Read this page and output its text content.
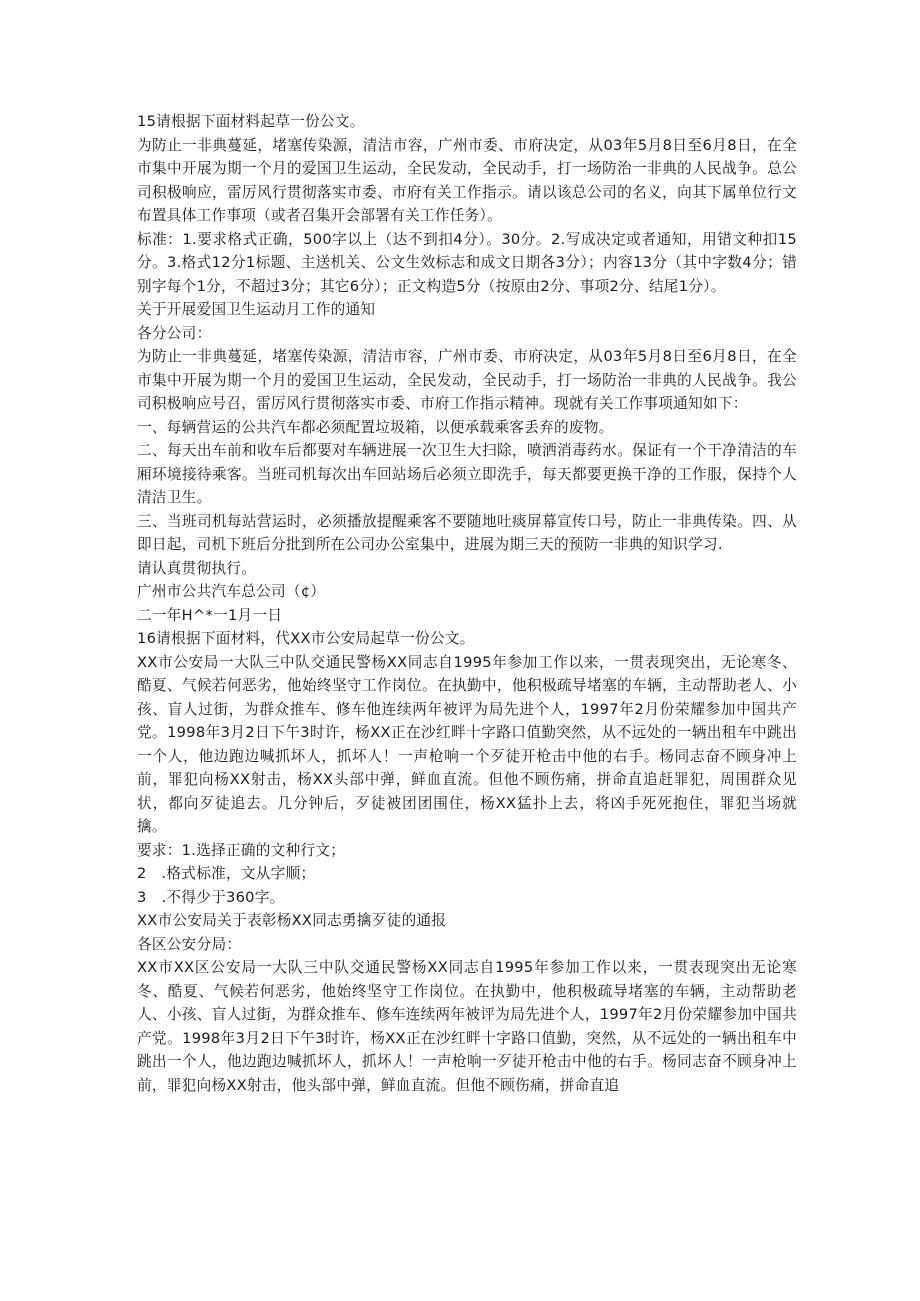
15请根据下面材料起草一份公文。

为防止一非典蔓延，堵塞传染源，清洁市容，广州市委、市府决定，从03年5月8日至6月8日，在全市集中开展为期一个月的爱国卫生运动，全民发动，全民动手，打一场防治一非典的人民战争。总公司积极响应，雷厉风行贯彻落实市委、市府有关工作指示。请以该总公司的名义，向其下属单位行文布置具体工作事项（或者召集开会部署有关工作任务）。

标准：1.要求格式正确，500字以上（达不到扣4分）。30分。2.写成决定或者通知，用错文种扣15分。3.格式12分1标题、主送机关、公文生效标志和成文日期各3分）；内容13分（其中字数4分；错别字每个1分，不超过3分；其它6分）；正文构造5分（按原由2分、事项2分、结尾1分）。

关于开展爱国卫生运动月工作的通知

各分公司：

为防止一非典蔓延，堵塞传染源，清洁市容，广州市委、市府决定，从03年5月8日至6月8日，在全市集中开展为期一个月的爱国卫生运动，全民发动，全民动手，打一场防治一非典的人民战争。我公司积极响应号召，雷厉风行贯彻落实市委、市府工作指示精神。现就有关工作事项通知如下：

一、每辆营运的公共汽车都必须配置垃圾箱，以便承载乘客丢弃的废物。

二、每天出车前和收车后都要对车辆进展一次卫生大扫除，喷洒消毒药水。保证有一个干净清洁的车厢环境接待乘客。当班司机每次出车回站场后必须立即洗手，每天都要更换干净的工作服，保持个人清洁卫生。

三、当班司机每站营运时，必须播放提醒乘客不要随地吐痰屏幕宣传口号，防止一非典传染。四、从即日起，司机下班后分批到所在公司办公室集中，进展为期三天的预防一非典的知识学习.

请认真贯彻执行。

广州市公共汽车总公司（¢）

二一年H^*一1月一日

16请根据下面材料，代XX市公安局起草一份公文。

XX市公安局一大队三中队交通民警杨XX同志自1995年参加工作以来，一贯表现突出，无论寒冬、酷夏、气候若何恶劣，他始终坚守工作岗位。在执勤中，他积极疏导堵塞的车辆，主动帮助老人、小孩、盲人过街，为群众推车、修车他连续两年被评为局先进个人，1997年2月份荣耀参加中国共产党。1998年3月2日下午3时许，杨XX正在沙红畔十字路口值勤突然，从不远处的一辆出租车中跳出一个人，他边跑边喊抓坏人，抓坏人！一声枪响一个歹徒开枪击中他的右手。杨同志奋不顾身冲上前，罪犯向杨XX射击，杨XX头部中弹，鲜血直流。但他不顾伤痛，拼命直追赶罪犯，周围群众见状，都向歹徒追去。几分钟后，歹徒被团团围住，杨XX猛扑上去，将凶手死死抱住，罪犯当场就擒。

要求：1.选择正确的文种行文；

2　.格式标准，文从字顺；

3　.不得少于360字。

XX市公安局关于表彰杨XX同志勇擒歹徒的通报

各区公安分局：

XX市XX区公安局一大队三中队交通民警杨XX同志自1995年参加工作以来，一贯表现突出无论寒冬、酷夏、气候若何恶劣，他始终坚守工作岗位。在执勤中，他积极疏导堵塞的车辆，主动帮助老人、小孩、盲人过街，为群众推车、修车连续两年被评为局先进个人，1997年2月份荣耀参加中国共产党。1998年3月2日下午3时许，杨XX正在沙红畔十字路口值勤，突然，从不远处的一辆出租车中跳出一个人，他边跑边喊抓坏人，抓坏人！一声枪响一歹徒开枪击中他的右手。杨同志奋不顾身冲上前，罪犯向杨XX射击，他头部中弹，鲜血直流。但他不顾伤痛，拼命直追
